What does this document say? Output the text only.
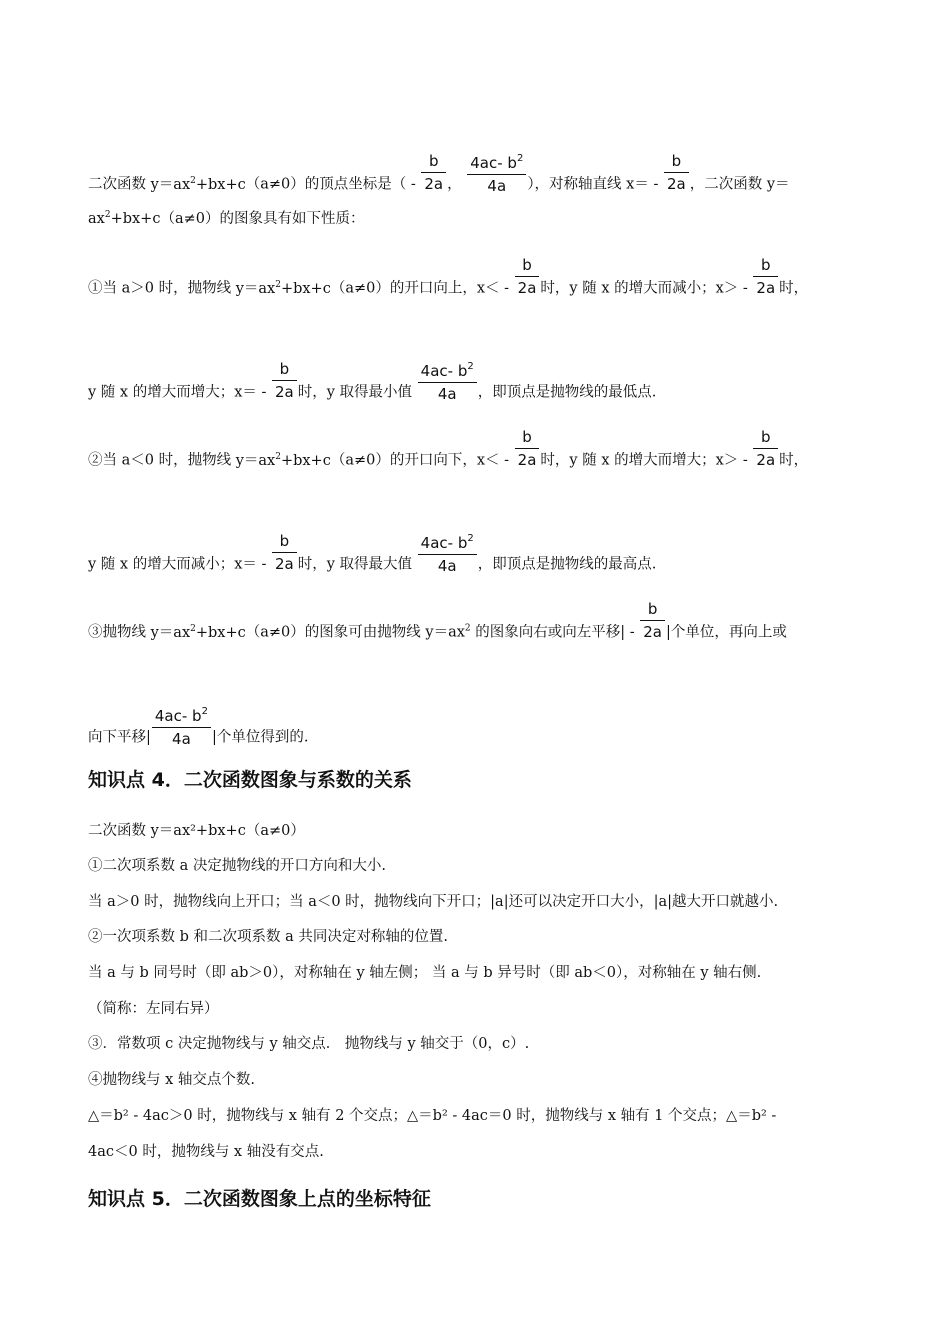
二次函数 $y=ax^2+bx+c(a\ne 0)$的顶点坐标是（ - $\frac{b}{2a}$ ， $\frac{4ac- b^2}{4a}$ ），对称轴直线 $x= - \frac{b}{2a}$ ，二次函数 y＝
$ax^2+bx+c(a\ne 0)$的图象具有如下性质：
①当 a＞0 时，抛物线 $y=ax^2+bx+c(a\ne 0)$的开口向上，$x< - \frac{b}{2a}$ 时，y 随 x 的增大而减小；$x> - \frac{b}{2a}$ 时，
y 随 x 的增大而增大；$x= - \frac{b}{2a}$ 时，y 取得最小值 $\frac{4ac- b^2}{4a}$ ，即顶点是抛物线的最低点.
②当 a＜0 时，抛物线 $y=ax^2+bx+c(a\ne 0)$的开口向下，$x< - \frac{b}{2a}$ 时，y 随 x 的增大而增大；$x> - \frac{b}{2a}$ 时，
y 随 x 的增大而减小；$x= - \frac{b}{2a}$ 时，y 取得最大值 $\frac{4ac- b^2}{4a}$ ，即顶点是抛物线的最高点.
③抛物线 $y=ax^2+bx+c(a\ne 0)$的图象可由抛物线 $y=ax^2$ 的图象向右或向左平移| - $\frac{b}{2a}$ |个单位，再向上或
向下平移| $\frac{4ac- b^2}{4a}$ |个单位得到的.
知识点 4．二次函数图象与系数的关系
二次函数 y＝ax²+bx+c（a≠0）
①二次项系数 a 决定抛物线的开口方向和大小.
当 a＞0 时，抛物线向上开口；当 a＜0 时，抛物线向下开口；|a|还可以决定开口大小，|a|越大开口就越小.
②一次项系数 b 和二次项系数 a 共同决定对称轴的位置.
当 a 与 b 同号时（即 ab＞0），对称轴在 y 轴左侧； 当 a 与 b 异号时（即 ab＜0），对称轴在 y 轴右侧.
（简称：左同右异）
③．常数项 c 决定抛物线与 y 轴交点． 抛物线与 y 轴交于（0，c）.
④抛物线与 x 轴交点个数.
△＝b² - 4ac＞0 时，抛物线与 x 轴有 2 个交点；△＝b² - 4ac＝0 时，抛物线与 x 轴有 1 个交点；△＝b² -
4ac＜0 时，抛物线与 x 轴没有交点.
知识点 5．二次函数图象上点的坐标特征
